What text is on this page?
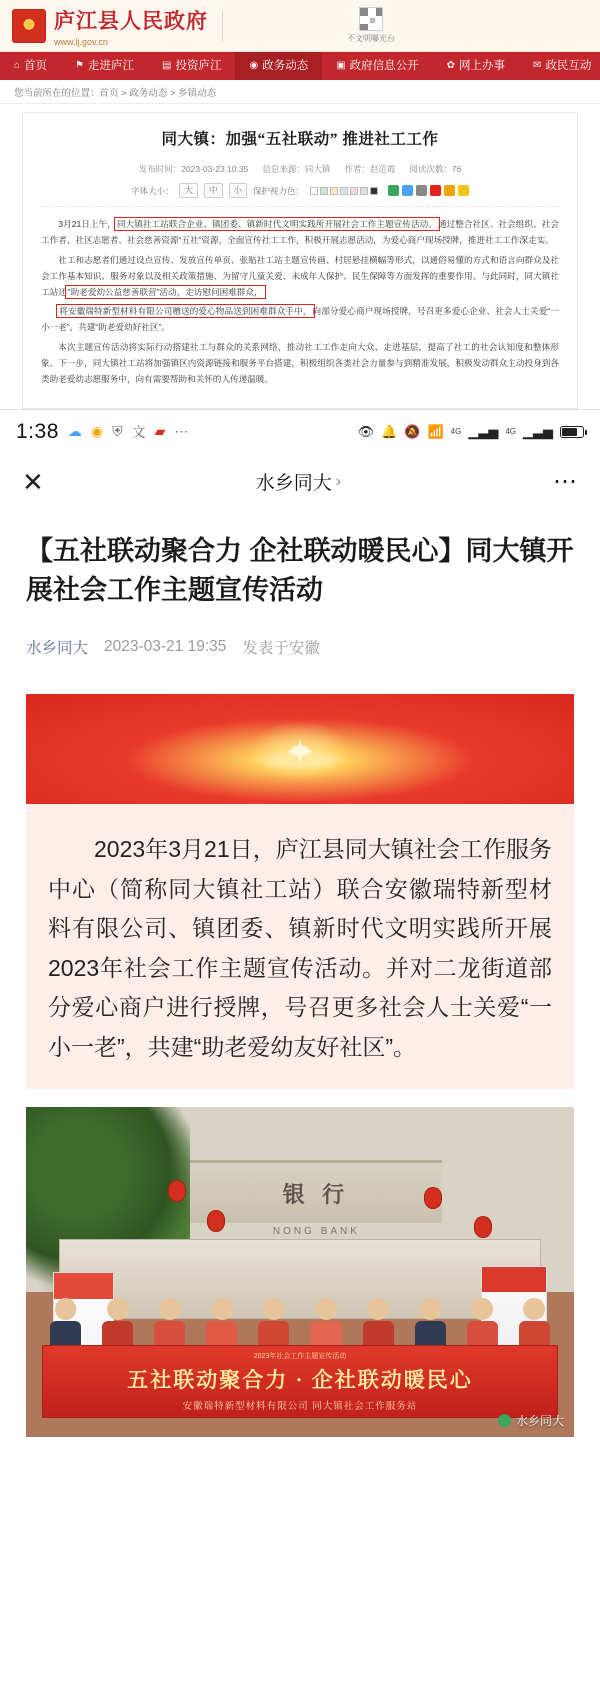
庐江县人民政府
www.lj.gov.cn	不文明曝光台
⌂ 首页	⚑ 走进庐江	▤ 投资庐江	◉ 政务动态	▣ 政府信息公开	✿ 网上办事	✉ 政民互动
您当前所在的位置：首页 > 政务动态 > 乡镇动态
同大镇：加强“五社联动” 推进社工工作
发布时间：2023-03-23 10:35 信息来源：同大镇 作者：赵范霞 阅读次数：76
字体大小：	大	中	小	保护视力色：

3月21日上午，同大镇社工站联合企业、镇团委、镇新时代文明实践所开展社会工作主题宣传活动。通过整合社区、社会组织、社会工作者、社区志愿者、社会慈善资源“五社”资源，全面宣传社工工作，积极开展志愿活动，为爱心商户现场授牌，推进社工工作深走实。

社工和志愿者们通过设点宣传、发放宣传单页、张贴社工站主题宣传画、村居悬挂横幅等形式，以通俗易懂的方式和语言向群众及社会工作基本知识、服务对象以及相关政策措施、为留守儿童关爱、未成年人保护、民生保障等方面发挥的重要作用。与此同时，同大镇社工站还“助老爱幼公益慈善联营”活动，走访慰问困难群众，

将安徽瑞特新型材料有限公司赠送的爱心物品送到困难群众手中，向部分爱心商户现场授牌，号召更多爱心企业、社会人士关爱“一小一老”，共建“助老爱幼好社区”。

本次主题宣传活动将实际行动搭建社工与群众的关系网络，推动社工工作走向大众、走进基层，提高了社工的社会认知度和整体形象。下一步，同大镇社工站将加强镇区内资源链接和服务平台搭建，积极组织各类社会力量参与到精准发展，积极发动群众主动投身到各类助老爱幼志愿服务中，向有需要帮助和关怀的人传递温暖。

1:38 ☁ ◉ ⛨ 文 ▰ ⋯	👁 🔔 🔕 📶 4G ▁▃▅ 4G ▁▃▅
✕	水乡同大 ›	⋯
【五社联动聚合力 企社联动暖民心】同大镇开展社会工作主题宣传活动
水乡同大 2023-03-21 19:35 发表于安徽
2023年3月21日，庐江县同大镇社会工作服务中心（简称同大镇社工站）联合安徽瑞特新型材料有限公司、镇团委、镇新时代文明实践所开展2023年社会工作主题宣传活动。并对二龙街道部分爱心商户进行授牌，号召更多社会人士关爱“一小一老”，共建“助老爱幼友好社区”。
银 行
NONG BANK
2023年社会工作主题宣传活动
五社联动聚合力 · 企社联动暖民心
安徽瑞特新型材料有限公司 同大镇社会工作服务站
水乡同大
